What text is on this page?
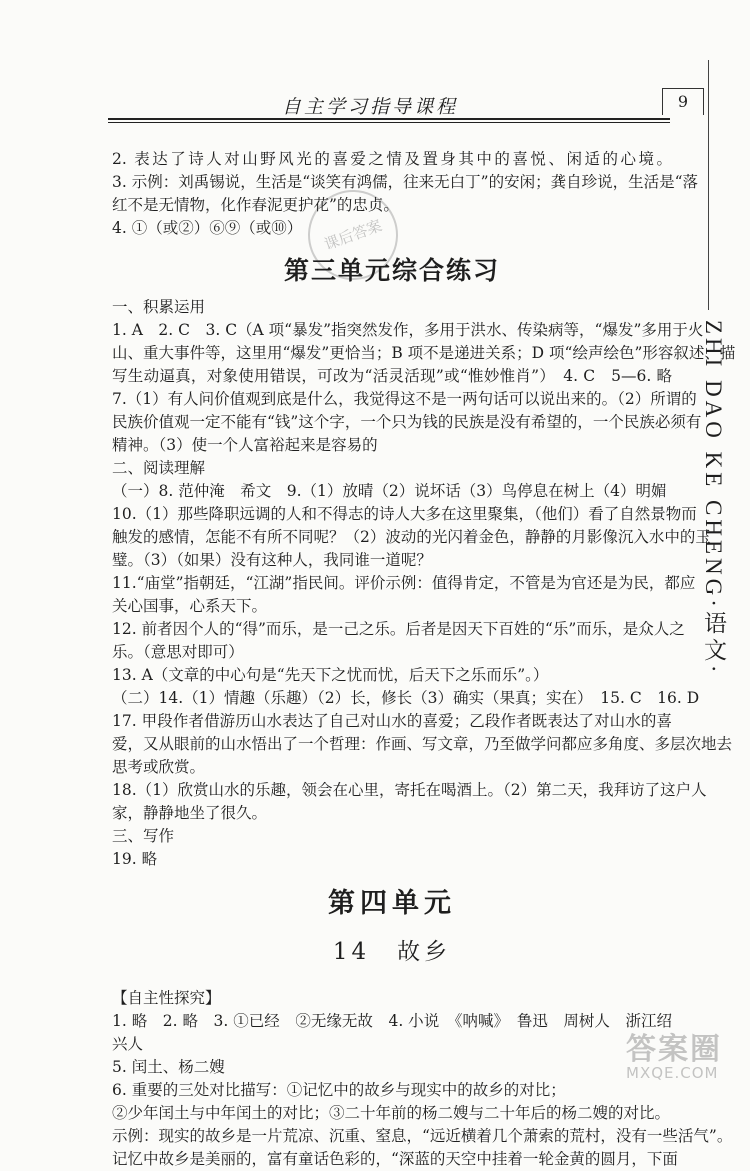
自主学习指导课程	9
ZHI DAO KE CHENG·语文·
课后答案
2. 表达了诗人对山野风光的喜爱之情及置身其中的喜悦、闲适的心境。
3. 示例：刘禹锡说，生活是“谈笑有鸿儒，往来无白丁”的安闲；龚自珍说，生活是“落
红不是无情物，化作春泥更护花”的忠贞。
4. ①（或②）⑥⑨（或⑩）
第三单元综合练习
一、积累运用
1. A　2. C　3. C（A 项“暴发”指突然发作，多用于洪水、传染病等，“爆发”多用于火
山、重大事件等，这里用“爆发”更恰当；B 项不是递进关系；D 项“绘声绘色”形容叙述、描
写生动逼真，对象使用错误，可改为“活灵活现”或“惟妙惟肖”）　4. C　5—6. 略
7.（1）有人问价值观到底是什么，我觉得这不是一两句话可以说出来的。（2）所谓的
民族价值观一定不能有“钱”这个字，一个只为钱的民族是没有希望的，一个民族必须有
精神。（3）使一个人富裕起来是容易的
二、阅读理解
（一）8. 范仲淹　希文　9.（1）放晴（2）说坏话（3）鸟停息在树上（4）明媚
10.（1）那些降职远调的人和不得志的诗人大多在这里聚集，（他们）看了自然景物而
触发的感情，怎能不有所不同呢？（2）波动的光闪着金色，静静的月影像沉入水中的玉
璧。（3）（如果）没有这种人，我同谁一道呢？
11.“庙堂”指朝廷，“江湖”指民间。评价示例：值得肯定，不管是为官还是为民，都应
关心国事，心系天下。
12. 前者因个人的“得”而乐，是一己之乐。后者是因天下百姓的“乐”而乐，是众人之
乐。（意思对即可）
13. A（文章的中心句是“先天下之忧而忧，后天下之乐而乐”。）
（二）14.（1）情趣（乐趣）（2）长，修长（3）确实（果真；实在）　15. C　16. D
17. 甲段作者借游历山水表达了自己对山水的喜爱；乙段作者既表达了对山水的喜
爱，又从眼前的山水悟出了一个哲理：作画、写文章，乃至做学问都应多角度、多层次地去
思考或欣赏。
18.（1）欣赏山水的乐趣，领会在心里，寄托在喝酒上。（2）第二天，我拜访了这户人
家，静静地坐了很久。
三、写作
19. 略
第四单元
14　故乡
【自主性探究】
1. 略　2. 略　3. ①已经　②无缘无故　4. 小说　《呐喊》　鲁迅　周树人　浙江绍
兴人
5. 闰土、杨二嫂
6. 重要的三处对比描写：①记忆中的故乡与现实中的故乡的对比；
②少年闰土与中年闰土的对比；③二十年前的杨二嫂与二十年后的杨二嫂的对比。
示例：现实的故乡是一片荒凉、沉重、窒息，“远近横着几个萧索的荒村，没有一些活气”。
记忆中故乡是美丽的，富有童话色彩的，“深蓝的天空中挂着一轮金黄的圆月，下面
答案圈
MXQE.COM
